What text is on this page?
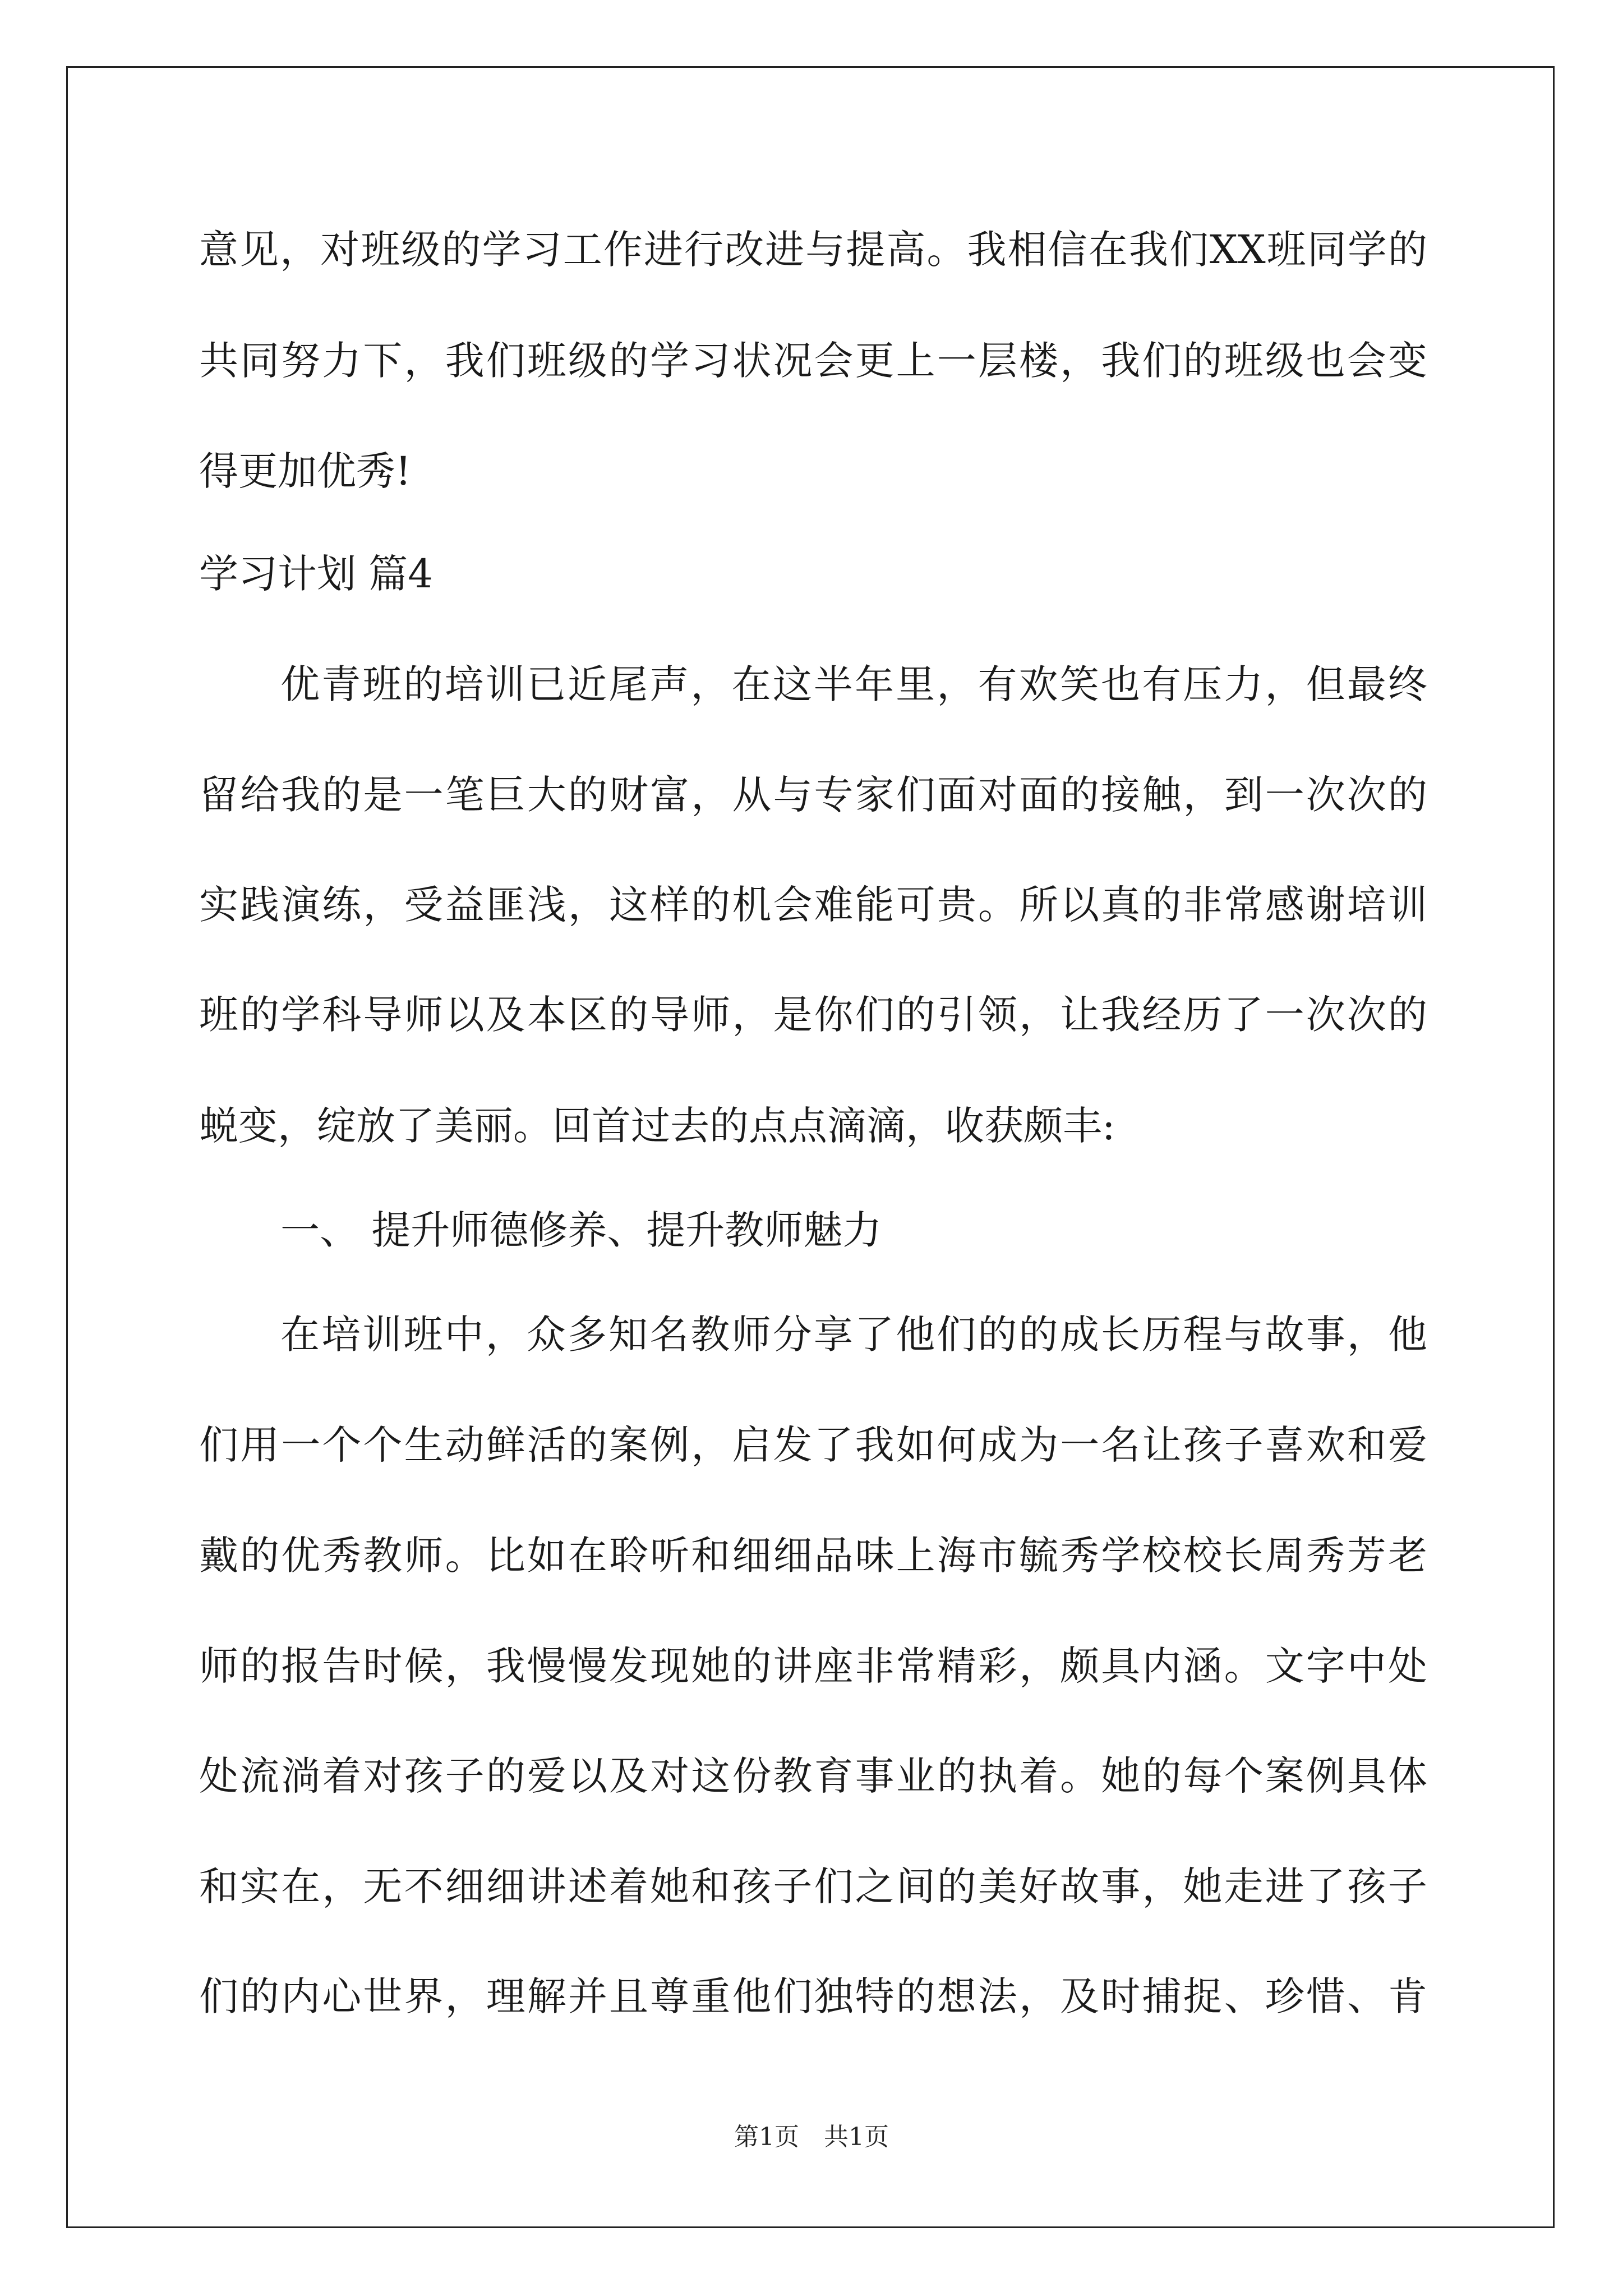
意见，对班级的学习工作进行改进与提高。我相信在我们XX班同学的
共同努力下，我们班级的学习状况会更上一层楼，我们的班级也会变
得更加优秀!
学习计划 篇4
优青班的培训已近尾声，在这半年里，有欢笑也有压力，但最终
留给我的是一笔巨大的财富，从与专家们面对面的接触，到一次次的
实践演练，受益匪浅，这样的机会难能可贵。所以真的非常感谢培训
班的学科导师以及本区的导师，是你们的引领，让我经历了一次次的
蜕变，绽放了美丽。回首过去的点点滴滴，收获颇丰:
一、 提升师德修养、提升教师魅力
在培训班中，众多知名教师分享了他们的的成长历程与故事，他
们用一个个生动鲜活的案例，启发了我如何成为一名让孩子喜欢和爱
戴的优秀教师。比如在聆听和细细品味上海市毓秀学校校长周秀芳老
师的报告时候，我慢慢发现她的讲座非常精彩，颇具内涵。文字中处
处流淌着对孩子的爱以及对这份教育事业的执着。她的每个案例具体
和实在，无不细细讲述着她和孩子们之间的美好故事，她走进了孩子
们的内心世界，理解并且尊重他们独特的想法，及时捕捉、珍惜、肯
第1页　共1页
